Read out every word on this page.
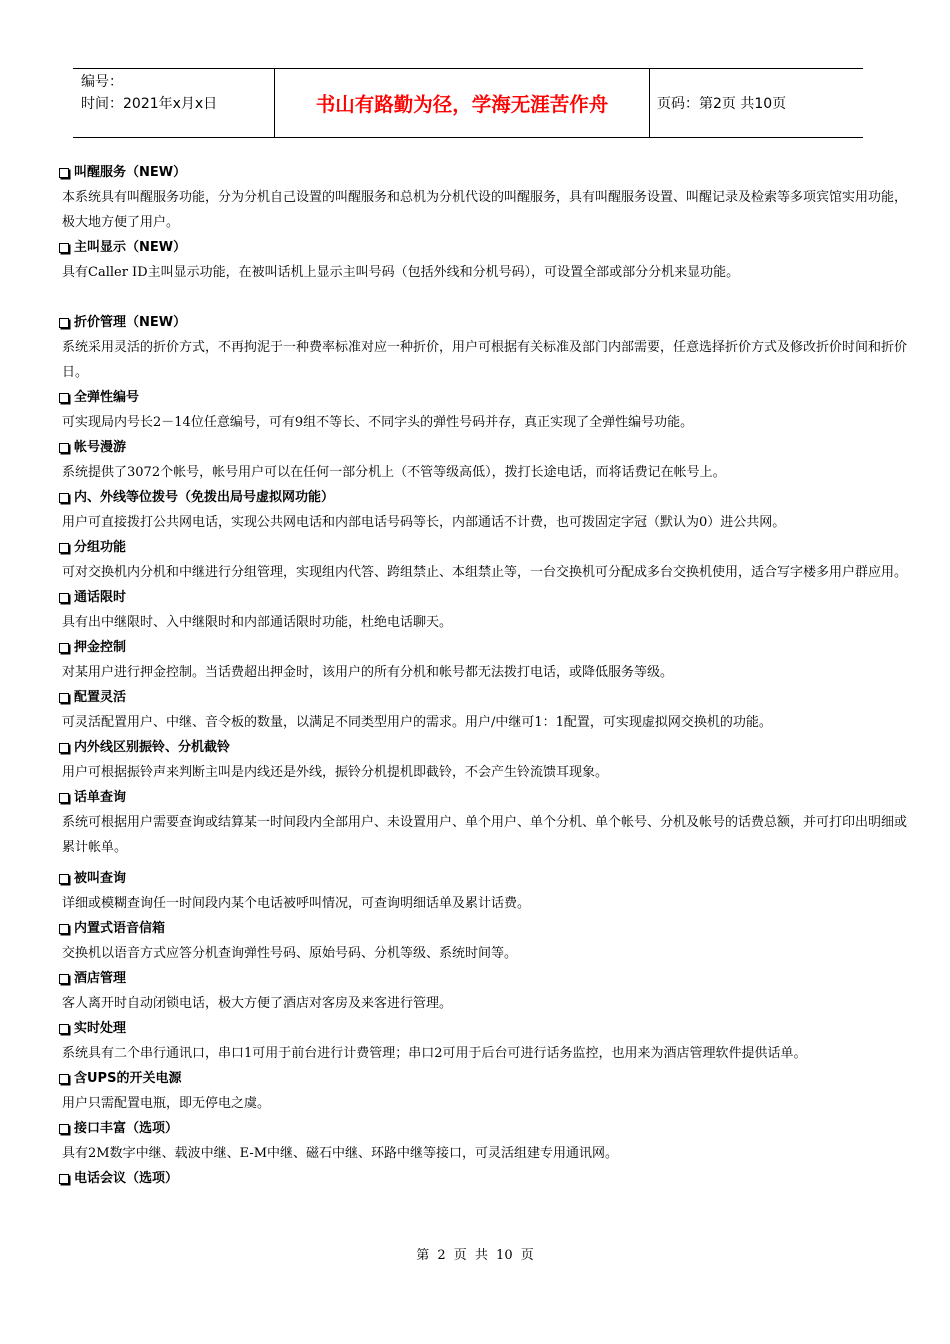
编号：
时间：2021年x月x日	书山有路勤为径，学海无涯苦作舟	页码：第2页 共10页
叫醒服务（NEW）
本系统具有叫醒服务功能，分为分机自己设置的叫醒服务和总机为分机代设的叫醒服务，具有叫醒服务设置、叫醒记录及检索等多项宾馆实用功能，极大地方便了用户。
主叫显示（NEW）
具有Caller ID主叫显示功能，在被叫话机上显示主叫号码（包括外线和分机号码），可设置全部或部分分机来显功能。
折价管理（NEW）
系统采用灵活的折价方式，不再拘泥于一种费率标准对应一种折价，用户可根据有关标准及部门内部需要，任意选择折价方式及修改折价时间和折价日。
全弹性编号
可实现局内号长2－14位任意编号，可有9组不等长、不同字头的弹性号码并存，真正实现了全弹性编号功能。
帐号漫游
系统提供了3072个帐号，帐号用户可以在任何一部分机上（不管等级高低），拨打长途电话，而将话费记在帐号上。
内、外线等位拨号（免拨出局号虚拟网功能）
用户可直接拨打公共网电话，实现公共网电话和内部电话号码等长，内部通话不计费，也可拨固定字冠（默认为0）进公共网。
分组功能
可对交换机内分机和中继进行分组管理，实现组内代答、跨组禁止、本组禁止等，一台交换机可分配成多台交换机使用，适合写字楼多用户群应用。
通话限时
具有出中继限时、入中继限时和内部通话限时功能，杜绝电话聊天。
押金控制
对某用户进行押金控制。当话费超出押金时，该用户的所有分机和帐号都无法拨打电话，或降低服务等级。
配置灵活
可灵活配置用户、中继、音令板的数量，以满足不同类型用户的需求。用户/中继可1：1配置，可实现虚拟网交换机的功能。
内外线区别振铃、分机截铃
用户可根据振铃声来判断主叫是内线还是外线，振铃分机提机即截铃，不会产生铃流馈耳现象。
话单查询
系统可根据用户需要查询或结算某一时间段内全部用户、未设置用户、单个用户、单个分机、单个帐号、分机及帐号的话费总额，并可打印出明细或累计帐单。
被叫查询
详细或模糊查询任一时间段内某个电话被呼叫情况，可查询明细话单及累计话费。
内置式语音信箱
交换机以语音方式应答分机查询弹性号码、原始号码、分机等级、系统时间等。
酒店管理
客人离开时自动闭锁电话，极大方便了酒店对客房及来客进行管理。
实时处理
系统具有二个串行通讯口，串口1可用于前台进行计费管理；串口2可用于后台可进行话务监控，也用来为酒店管理软件提供话单。
含UPS的开关电源
用户只需配置电瓶，即无停电之虞。
接口丰富（选项）
具有2M数字中继、载波中继、E-M中继、磁石中继、环路中继等接口，可灵活组建专用通讯网。
电话会议（选项）
第 2 页 共 10 页
